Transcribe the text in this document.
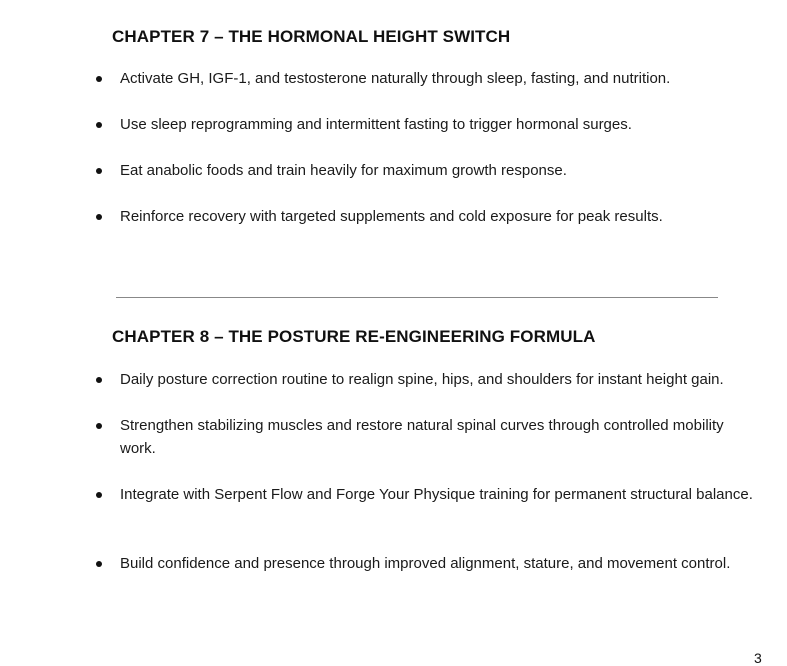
CHAPTER 7 – THE HORMONAL HEIGHT SWITCH
Activate GH, IGF-1, and testosterone naturally through sleep, fasting, and nutrition.
Use sleep reprogramming and intermittent fasting to trigger hormonal surges.
Eat anabolic foods and train heavily for maximum growth response.
Reinforce recovery with targeted supplements and cold exposure for peak results.
CHAPTER 8 – THE POSTURE RE-ENGINEERING FORMULA
Daily posture correction routine to realign spine, hips, and shoulders for instant height gain.
Strengthen stabilizing muscles and restore natural spinal curves through controlled mobility work.
Integrate with Serpent Flow and Forge Your Physique training for permanent structural balance.
Build confidence and presence through improved alignment, stature, and movement control.
3
